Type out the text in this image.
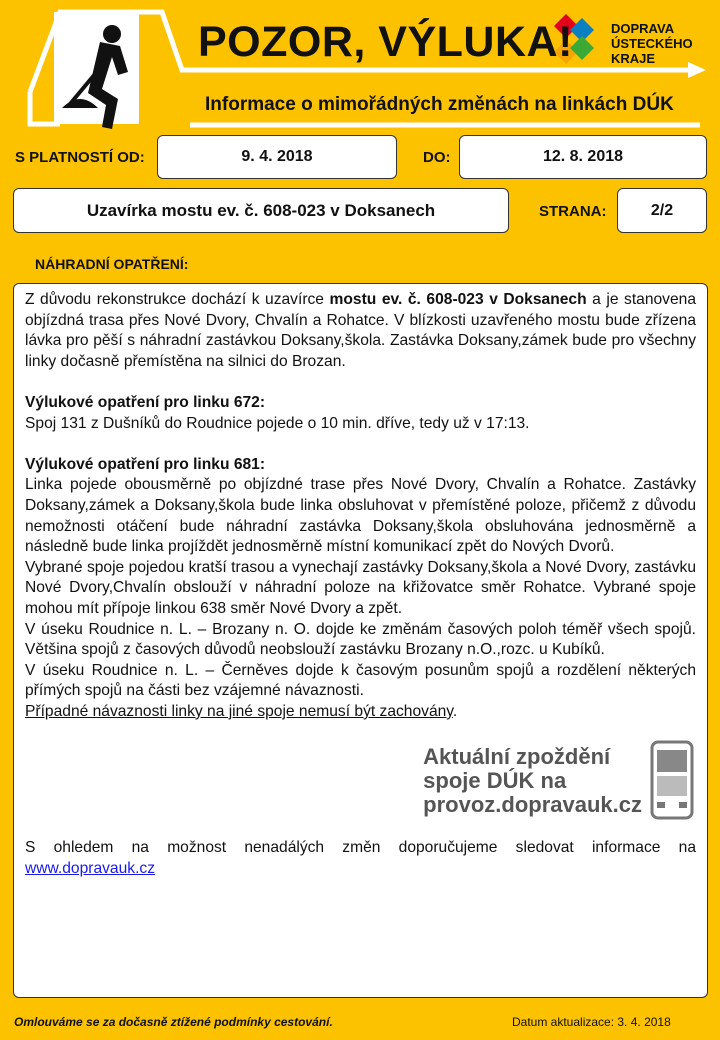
POZOR, VÝLUKA!	DOPRAVA
ÚSTECKÉHO
KRAJE
Informace o mimořádných změnách na linkách DÚK
S PLATNOSTÍ OD:	9. 4. 2018	DO:	12. 8. 2018
Uzavírka mostu ev. č. 608-023 v Doksanech	STRANA:	2/2
NÁHRADNÍ OPATŘENÍ:

Z důvodu rekonstrukce dochází k uzavírce mostu ev. č. 608-023 v Doksanech a je stanovena objízdná trasa přes Nové Dvory, Chvalín a Rohatce. V blízkosti uzavřeného mostu bude zřízena lávka pro pěší s náhradní zastávkou Doksany,škola. Zastávka Doksany,zámek bude pro všechny linky dočasně přemístěna na silnici do Brozan.

Výlukové opatření pro linku 672:

Spoj 131 z Dušníků do Roudnice pojede o 10 min. dříve, tedy už v 17:13.

Výlukové opatření pro linku 681:

Linka pojede obousměrně po objízdné trase přes Nové Dvory, Chvalín a Rohatce. Zastávky Doksany,zámek a Doksany,škola bude linka obsluhovat v přemístěné poloze, přičemž z důvodu nemožnosti otáčení bude náhradní zastávka Doksany,škola obsluhována jednosměrně a následně bude linka projíždět jednosměrně místní komunikací zpět do Nových Dvorů.

Vybrané spoje pojedou kratší trasou a vynechají zastávky Doksany,škola a Nové Dvory, zastávku Nové Dvory,Chvalín obslouží v náhradní poloze na křižovatce směr Rohatce. Vybrané spoje mohou mít přípoje linkou 638 směr Nové Dvory a zpět.

V úseku Roudnice n. L. – Brozany n. O. dojde ke změnám časových poloh téměř všech spojů. Většina spojů z časových důvodů neobslouží zastávku Brozany n.O.,rozc. u Kubíků.

V úseku Roudnice n. L. – Černěves dojde k časovým posunům spojů a rozdělení některých přímých spojů na části bez vzájemné návaznosti.

Případné návaznosti linky na jiné spoje nemusí být zachovány.

Aktuální zpoždění
spoje DÚK na
provoz.dopravauk.cz

S ohledem na možnost nenadálých změn doporučujeme sledovat informace na www.dopravauk.cz

Omlouváme se za dočasně ztížené podmínky cestování.	Datum aktualizace: 3. 4. 2018
